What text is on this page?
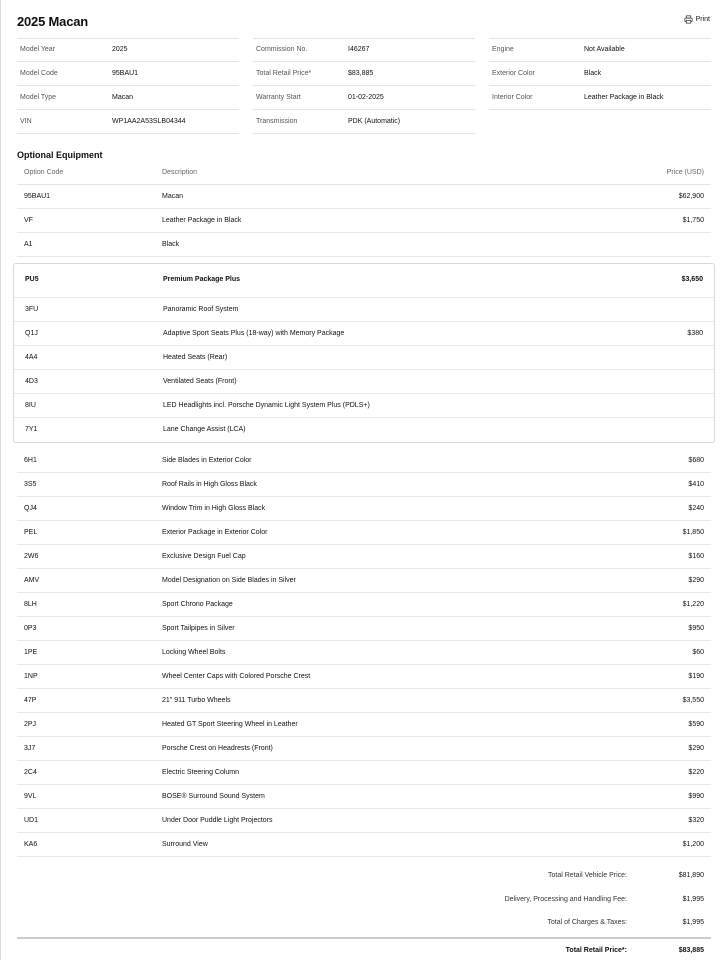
2025 Macan	Print
Model Year	2025
Model Code	95BAU1
Model Type	Macan
VIN	WP1AA2A53SLB04344
Commission No.	I46267
Total Retail Price*	$83,885
Warranty Start	01-02-2025
Transmission	PDK (Automatic)
Engine	Not Available
Exterior Color	Black
Interior Color	Leather Package in Black
Optional Equipment
Option Code	Description	Price (USD)
95BAU1	Macan	$62,900
VF	Leather Package in Black	$1,750
A1	Black
PU5	Premium Package Plus	$3,650
3FU	Panoramic Roof System
Q1J	Adaptive Sport Seats Plus (18-way) with Memory Package	$380
4A4	Heated Seats (Rear)
4D3	Ventilated Seats (Front)
8IU	LED Headlights incl. Porsche Dynamic Light System Plus (PDLS+)
7Y1	Lane Change Assist (LCA)
6H1	Side Blades in Exterior Color	$680
3S5	Roof Rails in High Gloss Black	$410
QJ4	Window Trim in High Gloss Black	$240
PEL	Exterior Package in Exterior Color	$1,850
2W6	Exclusive Design Fuel Cap	$160
AMV	Model Designation on Side Blades in Silver	$290
8LH	Sport Chrono Package	$1,220
0P3	Sport Tailpipes in Silver	$950
1PE	Locking Wheel Bolts	$60
1NP	Wheel Center Caps with Colored Porsche Crest	$190
47P	21" 911 Turbo Wheels	$3,550
2PJ	Heated GT Sport Steering Wheel in Leather	$590
3J7	Porsche Crest on Headrests (Front)	$290
2C4	Electric Steering Column	$220
9VL	BOSE® Surround Sound System	$990
UD1	Under Door Puddle Light Projectors	$320
KA6	Surround View	$1,200
Total Retail Vehicle Price:	$81,890
Delivery, Processing and Handling Fee:	$1,995
Total of Charges & Taxes:	$1,995
Total Retail Price*:	$83,885
